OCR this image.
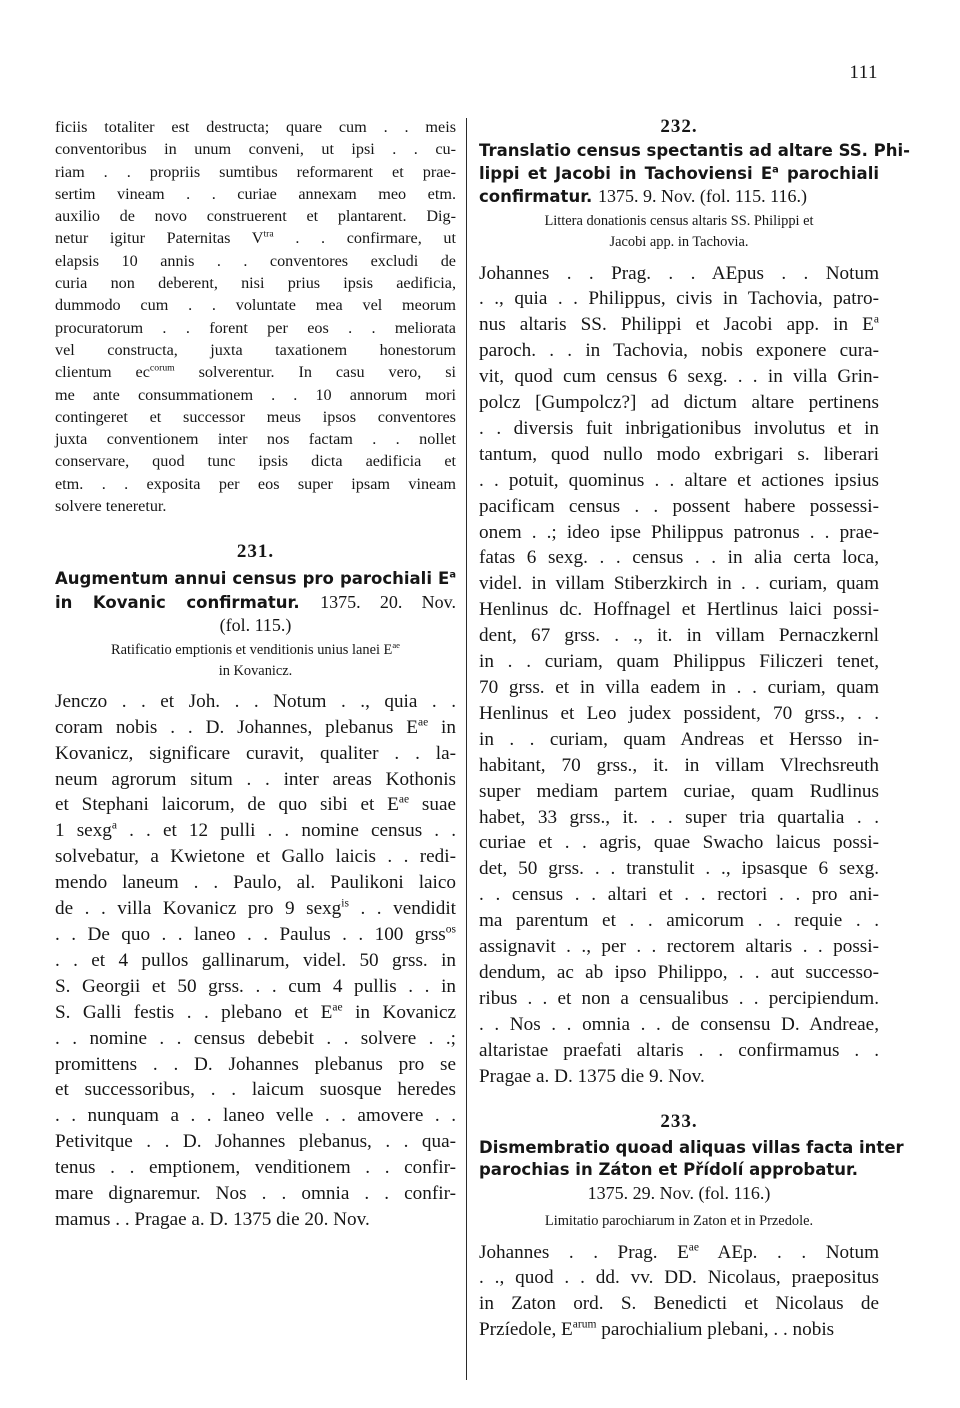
111
ficiis totaliter est destructa; quare cum . . meis
conventoribus in unum conveni, ut ipsi . . cu-
riam . . propriis sumtibus reformarent et prae-
sertim vineam . . curiae annexam meo etm.
auxilio de novo construerent et plantarent. Dig-
netur igitur Paternitas $V^{tra}$ . . confirmare, ut
elapsis 10 annis . . conventores excludi de
curia non deberent, nisi prius ipsis aedificia,
dummodo cum . . voluntate mea vel meorum
procuratorum . . forent per eos . . meliorata
vel constructa, juxta taxationem honestorum
clientum $ec^{corum}$ solverentur. In casu vero, si
me ante consummationem . . 10 annorum mori
contingeret et successor meus ipsos conventores
juxta conventionem inter nos factam . . nollet
conservare, quod tunc ipsis dicta aedificia et
etm. . . exposita per eos super ipsam vineam
solvere teneretur.
231.
Augmentum annui census pro parochiali $E^a$
in Kovanic confirmatur. 1375. 20. Nov.
(fol. 115.)
Ratificatio emptionis et venditionis unius lanei $E^{ae}$
in Kovanicz.
Jenczo . . et Joh. . . Notum . ., quia . .
coram nobis . . D. Johannes, plebanus $E^{ae}$ in
Kovanicz, significare curavit, qualiter . . la-
neum agrorum situm . . inter areas Kothonis
et Stephani laicorum, de quo sibi et $E^{ae}$ suae
1 sexg$^a$ . . et 12 pulli . . nomine census . .
solvebatur, a Kwietone et Gallo laicis . . redi-
mendo laneum . . Paulo, al. Paulikoni laico
de . . villa Kovanicz pro 9 sexg$^{is}$ . . vendidit
. . De quo . . laneo . . Paulus . . 100 grss$^{os}$
. . et 4 pullos gallinarum, videl. 50 grss. in
S. Georgii et 50 grss. . . cum 4 pullis . . in
S. Galli festis . . plebano et $E^{ae}$ in Kovanicz
. . nomine . . census debebit . . solvere . .;
promittens . . D. Johannes plebanus pro se
et successoribus, . . laicum suosque heredes
. . nunquam a . . laneo velle . . amovere . .
Petivitque . . D. Johannes plebanus, . . qua-
tenus . . emptionem, venditionem . . confir-
mare dignaremur. Nos . . omnia . . confir-
mamus . . Pragae a. D. 1375 die 20. Nov.
232.
Translatio census spectantis ad altare SS. Phi-
lippi et Jacobi in Tachoviensi $E^a$ parochiali
confirmatur. 1375. 9. Nov. (fol. 115. 116.)
Littera donationis census altaris SS. Philippi et
Jacobi app. in Tachovia.
Johannes . . Prag. . . AEpus . . Notum
. ., quia . . Philippus, civis in Tachovia, patro-
nus altaris SS. Philippi et Jacobi app. in $E^a$
paroch. . . in Tachovia, nobis exponere cura-
vit, quod cum census 6 sexg. . . in villa Grin-
polcz [Gumpolcz?] ad dictum altare pertinens
. . diversis fuit inbrigationibus involutus et in
tantum, quod nullo modo exbrigari s. liberari
. . potuit, quominus . . altare et actiones ipsius
pacificam census . . possent habere possessi-
onem . .; ideo ipse Philippus patronus . . prae-
fatas 6 sexg. . . census . . in alia certa loca,
videl. in villam Stiberzkirch in . . curiam, quam
Henlinus dc. Hoffnagel et Hertlinus laici possi-
dent, 67 grss. . ., it. in villam Pernaczkernl
in . . curiam, quam Philippus Filiczeri tenet,
70 grss. et in villa eadem in . . curiam, quam
Henlinus et Leo judex possident, 70 grss., . .
in . . curiam, quam Andreas et Hersso in-
habitant, 70 grss., it. in villam Vlrechsreuth
super mediam partem curiae, quam Rudlinus
habet, 33 grss., it. . . super tria quartalia . .
curiae et . . agris, quae Swacho laicus possi-
det, 50 grss. . . transtulit . ., ipsasque 6 sexg.
. . census . . altari et . . rectori . . pro ani-
ma parentum et . . amicorum . . requie . .
assignavit . ., per . . rectorem altaris . . possi-
dendum, ac ab ipso Philippo, . . aut successo-
ribus . . et non a censualibus . . percipiendum.
. . Nos . . omnia . . de consensu D. Andreae,
altaristae praefati altaris . . confirmamus . .
Pragae a. D. 1375 die 9. Nov.
233.
Dismembratio quoad aliquas villas facta inter
parochias in Záton et Přídolí approbatur.
1375. 29. Nov. (fol. 116.)
Limitatio parochiarum in Zaton et in Przedole.
Johannes . . Prag. $E^{ae}$ AEp. . . Notum
. ., quod . . dd. vv. DD. Nicolaus, praepositus
in Zaton ord. S. Benedicti et Nicolaus de
Przíedole, $E^{arum}$ parochialium plebani, . . nobis
